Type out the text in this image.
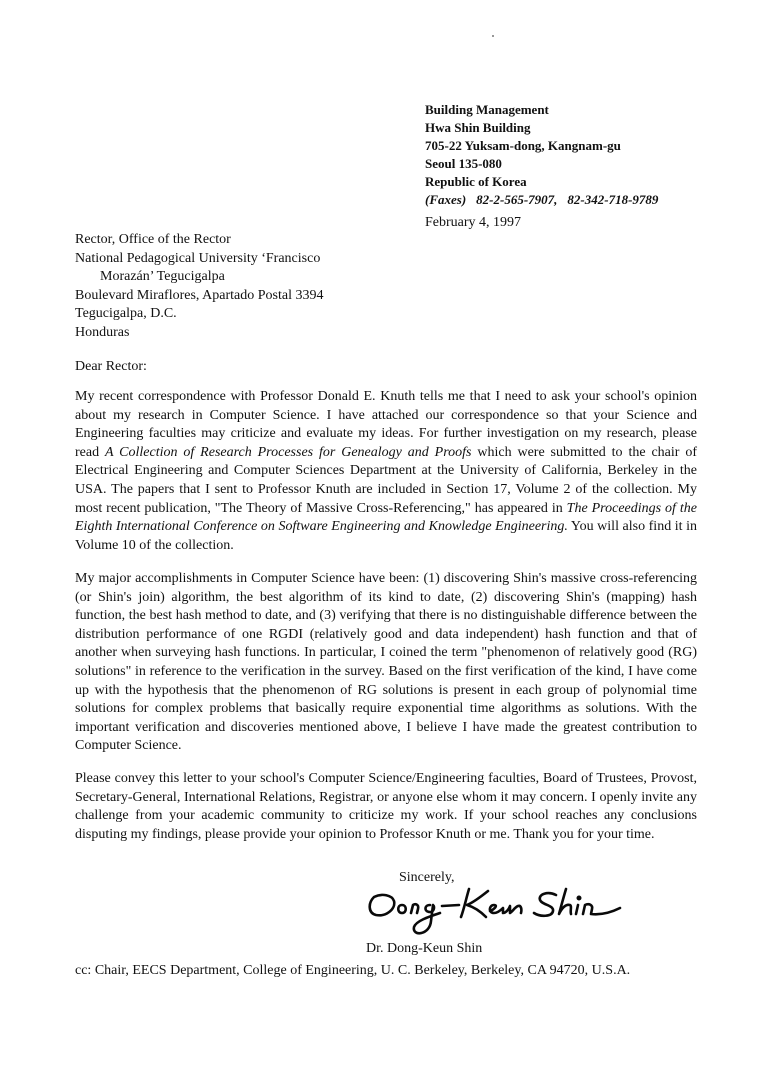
Building Management
Hwa Shin Building
705-22 Yuksam-dong, Kangnam-gu
Seoul 135-080
Republic of Korea
(Faxes) 82-2-565-7907, 82-342-718-9789
February 4, 1997
Rector, Office of the Rector
National Pedagogical University ‘Francisco
Morazán’ Tegucigalpa
Boulevard Miraflores, Apartado Postal 3394
Tegucigalpa, D.C.
Honduras
Dear Rector:

My recent correspondence with Professor Donald E. Knuth tells me that I need to ask your school's opinion about my research in Computer Science. I have attached our correspondence so that your Science and Engineering faculties may criticize and evaluate my ideas. For further investigation on my research, please read A Collection of Research Processes for Genealogy and Proofs which were submitted to the chair of Electrical Engineering and Computer Sciences Department at the University of California, Berkeley in the USA. The papers that I sent to Professor Knuth are included in Section 17, Volume 2 of the collection. My most recent publication, "The Theory of Massive Cross-Referencing," has appeared in The Proceedings of the Eighth International Conference on Software Engineering and Knowledge Engineering. You will also find it in Volume 10 of the collection.

My major accomplishments in Computer Science have been: (1) discovering Shin's massive cross-referencing (or Shin's join) algorithm, the best algorithm of its kind to date, (2) discovering Shin's (mapping) hash function, the best hash method to date, and (3) verifying that there is no distinguishable difference between the distribution performance of one RGDI (relatively good and data independent) hash function and that of another when surveying hash functions. In particular, I coined the term "phenomenon of relatively good (RG) solutions" in reference to the verification in the survey. Based on the first verification of the kind, I have come up with the hypothesis that the phenomenon of RG solutions is present in each group of polynomial time solutions for complex problems that basically require exponential time algorithms as solutions. With the important verification and discoveries mentioned above, I believe I have made the greatest contribution to Computer Science.

Please convey this letter to your school's Computer Science/Engineering faculties, Board of Trustees, Provost, Secretary-General, International Relations, Registrar, or anyone else whom it may concern. I openly invite any challenge from your academic community to criticize my work. If your school reaches any conclusions disputing my findings, please provide your opinion to Professor Knuth or me. Thank you for your time.

Sincerely,
Dr. Dong-Keun Shin
cc: Chair, EECS Department, College of Engineering, U. C. Berkeley, Berkeley, CA 94720, U.S.A.
